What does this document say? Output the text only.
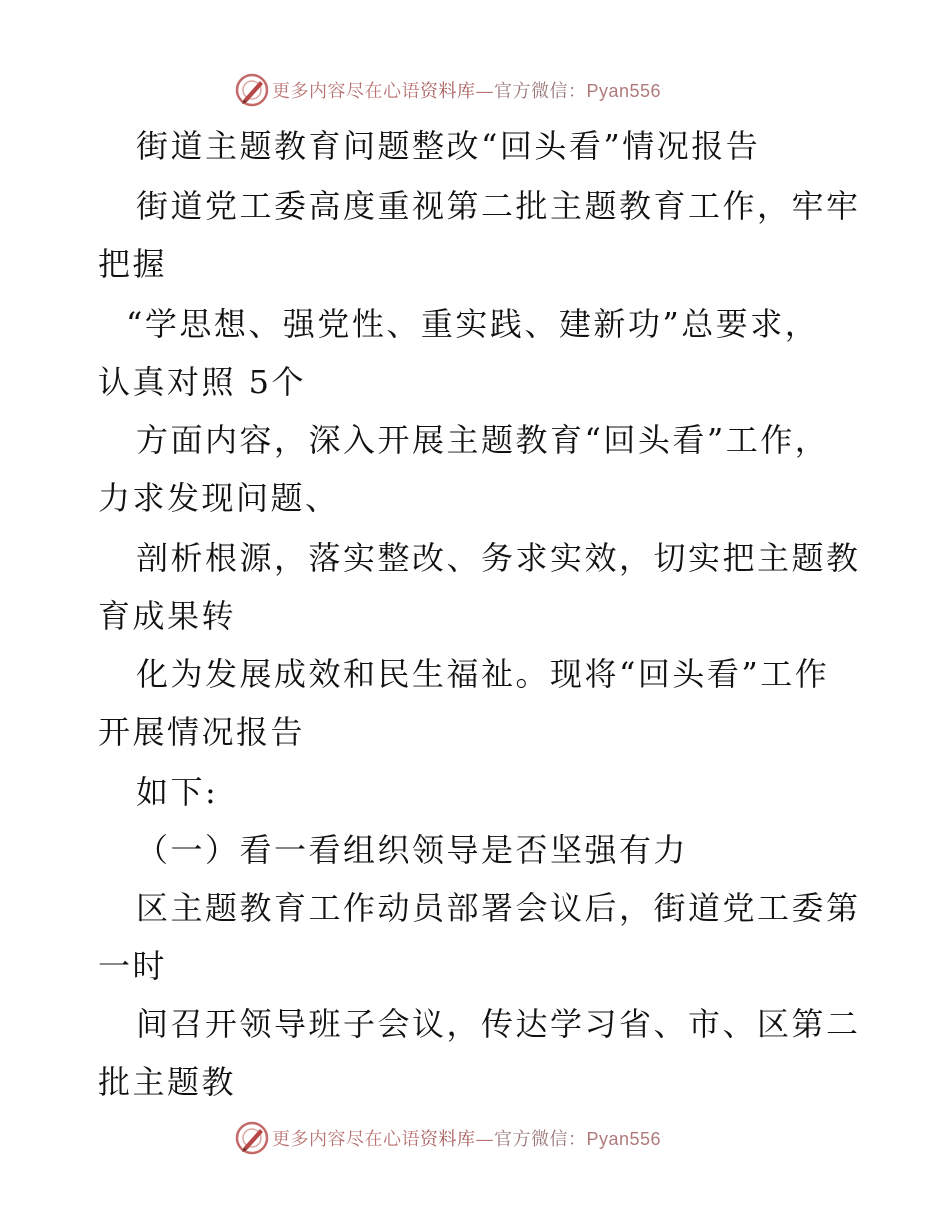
更多内容尽在心语资料库—官方微信：Pyan556
街道主题教育问题整改“回头看”情况报告
街道党工委高度重视第二批主题教育工作，牢牢
把握
“学思想、强党性、重实践、建新功”总要求，
认真对照 5个
方面内容，深入开展主题教育“回头看”工作，
力求发现问题、
剖析根源，落实整改、务求实效，切实把主题教
育成果转
化为发展成效和民生福祉。现将“回头看”工作
开展情况报告
如下:
（一）看一看组织领导是否坚强有力
区主题教育工作动员部署会议后，街道党工委第
一时
间召开领导班子会议，传达学习省、市、区第二
批主题教
更多内容尽在心语资料库—官方微信：Pyan556
